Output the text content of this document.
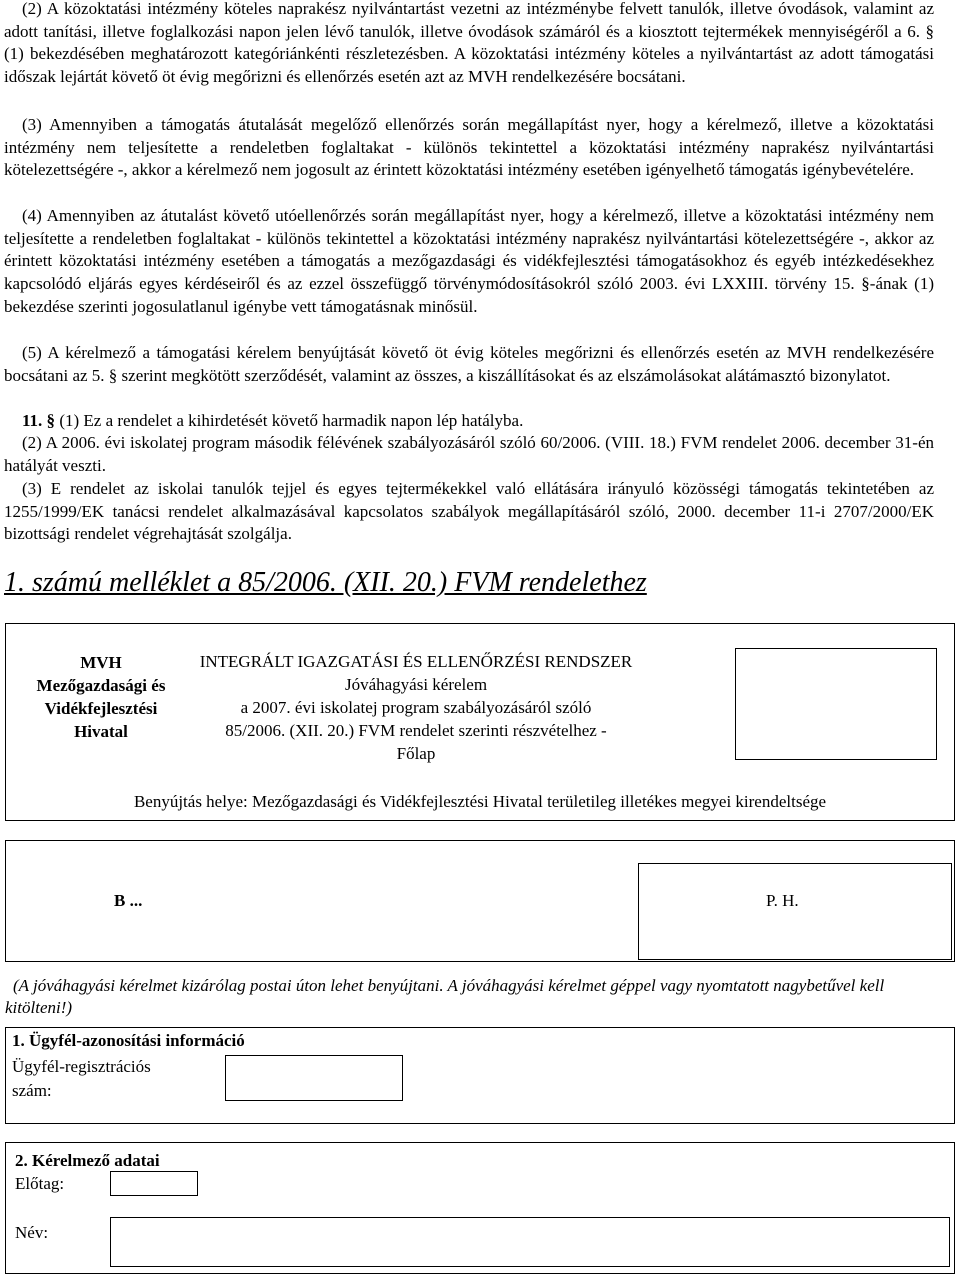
(2) A közoktatási intézmény köteles naprakész nyilvántartást vezetni az intézménybe felvett tanulók, illetve óvodások, valamint az adott tanítási, illetve foglalkozási napon jelen lévő tanulók, illetve óvodások számáról és a kiosztott tejtermékek mennyiségéről a 6. § (1) bekezdésében meghatározott kategóriánkénti részletezésben. A közoktatási intézmény köteles a nyilvántartást az adott támogatási időszak lejártát követő öt évig megőrizni és ellenőrzés esetén azt az MVH rendelkezésére bocsátani.

(3) Amennyiben a támogatás átutalását megelőző ellenőrzés során megállapítást nyer, hogy a kérelmező, illetve a közoktatási intézmény nem teljesítette a rendeletben foglaltakat - különös tekintettel a közoktatási intézmény naprakész nyilvántartási kötelezettségére -, akkor a kérelmező nem jogosult az érintett közoktatási intézmény esetében igényelhető támogatás igénybevételére.

(4) Amennyiben az átutalást követő utóellenőrzés során megállapítást nyer, hogy a kérelmező, illetve a közoktatási intézmény nem teljesítette a rendeletben foglaltakat - különös tekintettel a közoktatási intézmény naprakész nyilvántartási kötelezettségére -, akkor az érintett közoktatási intézmény esetében a támogatás a mezőgazdasági és vidékfejlesztési támogatásokhoz és egyéb intézkedésekhez kapcsolódó eljárás egyes kérdéseiről és az ezzel összefüggő törvénymódosításokról szóló 2003. évi LXXIII. törvény 15. §-ának (1) bekezdése szerinti jogosulatlanul igénybe vett támogatásnak minősül.

(5) A kérelmező a támogatási kérelem benyújtását követő öt évig köteles megőrizni és ellenőrzés esetén az MVH rendelkezésére bocsátani az 5. § szerint megkötött szerződését, valamint az összes, a kiszállításokat és az elszámolásokat alátámasztó bizonylatot.

11. § (1) Ez a rendelet a kihirdetését követő harmadik napon lép hatályba.

(2) A 2006. évi iskolatej program második félévének szabályozásáról szóló 60/2006. (VIII. 18.) FVM rendelet 2006. december 31-én hatályát veszti.

(3) E rendelet az iskolai tanulók tejjel és egyes tejtermékekkel való ellátására irányuló közösségi támogatás tekintetében az 1255/1999/EK tanácsi rendelet alkalmazásával kapcsolatos szabályok megállapításáról szóló, 2000. december 11-i 2707/2000/EK bizottsági rendelet végrehajtását szolgálja.

1. számú melléklet a 85/2006. (XII. 20.) FVM rendelethez
MVH
Mezőgazdasági és
Vidékfejlesztési
Hivatal
INTEGRÁLT IGAZGATÁSI ÉS ELLENŐRZÉSI RENDSZER
Jóváhagyási kérelem
a 2007. évi iskolatej program szabályozásáról szóló
85/2006. (XII. 20.) FVM rendelet szerinti részvételhez -
Főlap
Benyújtás helye: Mezőgazdasági és Vidékfejlesztési Hivatal területileg illetékes megyei kirendeltsége
B ...	P. H.
(A jóváhagyási kérelmet kizárólag postai úton lehet benyújtani. A jóváhagyási kérelmet géppel vagy nyomtatott nagybetűvel kell kitölteni!)
1. Ügyfél-azonosítási információ
Ügyfél-regisztrációs
szám:
2. Kérelmező adatai
Előtag:
Név:
